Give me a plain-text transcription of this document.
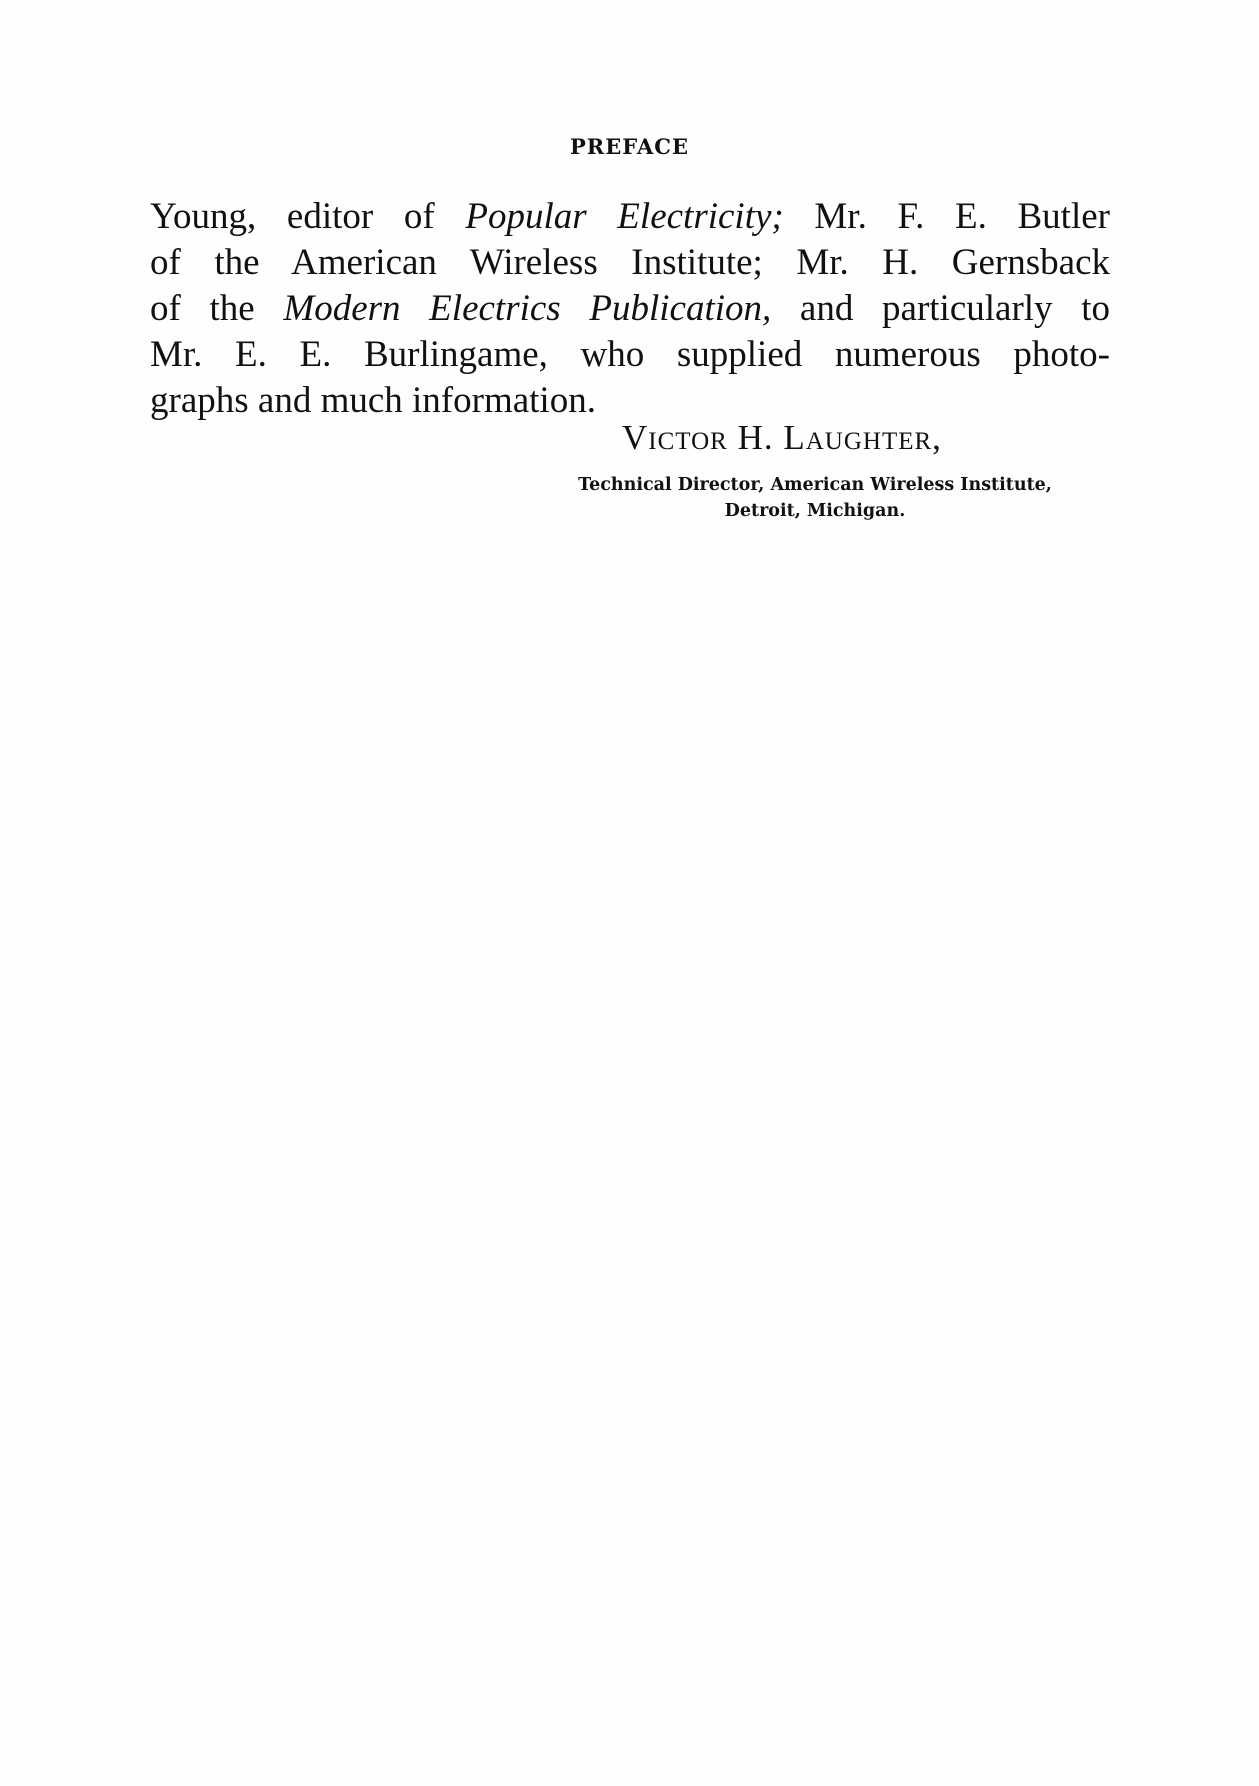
PREFACE
Young, editor of Popular Electricity; Mr. F. E. Butler
of the American Wireless Institute; Mr. H. Gernsback
of the Modern Electrics Publication, and particularly to
Mr. E. E. Burlingame, who supplied numerous photo-
graphs and much information.
Victor H. Laughter,
Technical Director, American Wireless Institute,
Detroit, Michigan.
